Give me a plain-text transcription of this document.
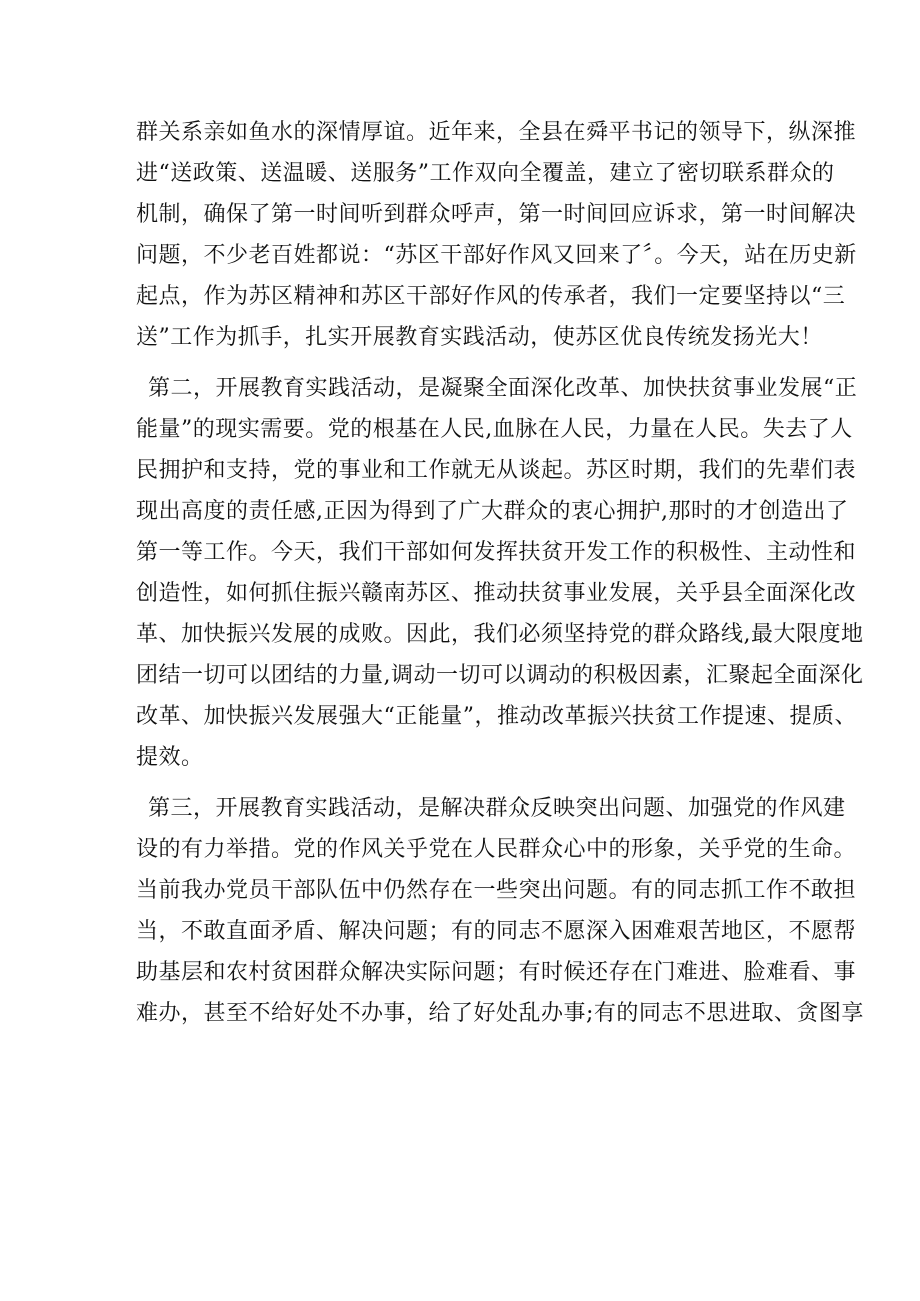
群关系亲如鱼水的深情厚谊。近年来，全县在舜平书记的领导下，纵深推
进“送政策、送温暖、送服务”工作双向全覆盖，建立了密切联系群众的
机制，确保了第一时间听到群众呼声，第一时间回应诉求，第一时间解决
问题，不少老百姓都说：“苏区干部好作风又回来了〞。今天，站在历史新
起点，作为苏区精神和苏区干部好作风的传承者，我们一定要坚持以“三
送”工作为抓手，扎实开展教育实践活动，使苏区优良传统发扬光大！
第二，开展教育实践活动，是凝聚全面深化改革、加快扶贫事业发展“正
能量”的现实需要。党的根基在人民,血脉在人民，力量在人民。失去了人
民拥护和支持，党的事业和工作就无从谈起。苏区时期，我们的先辈们表
现出高度的责任感,正因为得到了广大群众的衷心拥护,那时的才创造出了
第一等工作。今天，我们干部如何发挥扶贫开发工作的积极性、主动性和
创造性，如何抓住振兴赣南苏区、推动扶贫事业发展，关乎县全面深化改
革、加快振兴发展的成败。因此，我们必须坚持党的群众路线,最大限度地
团结一切可以团结的力量,调动一切可以调动的积极因素，汇聚起全面深化
改革、加快振兴发展强大“正能量”，推动改革振兴扶贫工作提速、提质、
提效。
第三，开展教育实践活动，是解决群众反映突出问题、加强党的作风建
设的有力举措。党的作风关乎党在人民群众心中的形象，关乎党的生命。
当前我办党员干部队伍中仍然存在一些突出问题。有的同志抓工作不敢担
当，不敢直面矛盾、解决问题；有的同志不愿深入困难艰苦地区，不愿帮
助基层和农村贫困群众解决实际问题；有时候还存在门难进、脸难看、事
难办，甚至不给好处不办事，给了好处乱办事;有的同志不思进取、贪图享
